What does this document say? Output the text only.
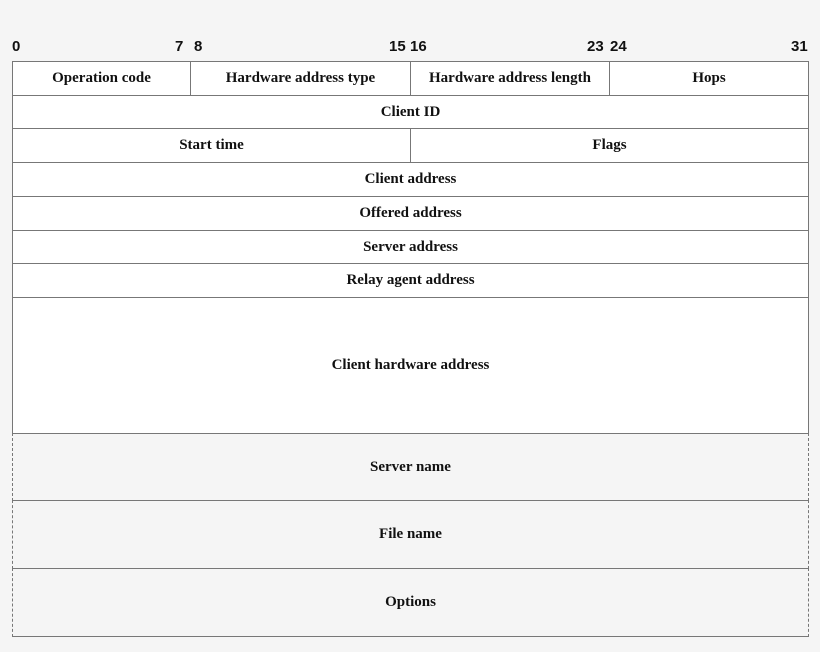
0	7 8	15 16	23 24	31
Operation code	Hardware address type	Hardware address length	Hops
Client ID
Start time	Flags
Client address
Offered address
Server address
Relay agent address
Client hardware address
Server name
File name
Options
